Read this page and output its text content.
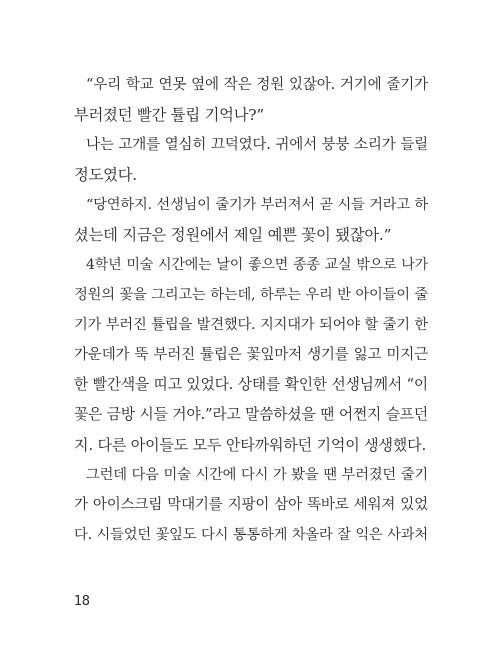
“우리 학교 연못 옆에 작은 정원 있잖아. 거기에 줄기가
부러졌던 빨간 튤립 기억나?”
나는 고개를 열심히 끄덕였다. 귀에서 붕붕 소리가 들릴
정도였다.
“당연하지. 선생님이 줄기가 부러져서 곧 시들 거라고 하
셨는데 지금은 정원에서 제일 예쁜 꽃이 됐잖아.”
4학년 미술 시간에는 날이 좋으면 종종 교실 밖으로 나가
정원의 꽃을 그리고는 하는데, 하루는 우리 반 아이들이 줄
기가 부러진 튤립을 발견했다. 지지대가 되어야 할 줄기 한
가운데가 뚝 부러진 튤립은 꽃잎마저 생기를 잃고 미지근
한 빨간색을 띠고 있었다. 상태를 확인한 선생님께서 “이
꽃은 금방 시들 거야.”라고 말씀하셨을 땐 어쩐지 슬프던
지. 다른 아이들도 모두 안타까워하던 기억이 생생했다.
그런데 다음 미술 시간에 다시 가 봤을 땐 부러졌던 줄기
가 아이스크림 막대기를 지팡이 삼아 똑바로 세워져 있었
다. 시들었던 꽃잎도 다시 통통하게 차올라 잘 익은 사과처
18
